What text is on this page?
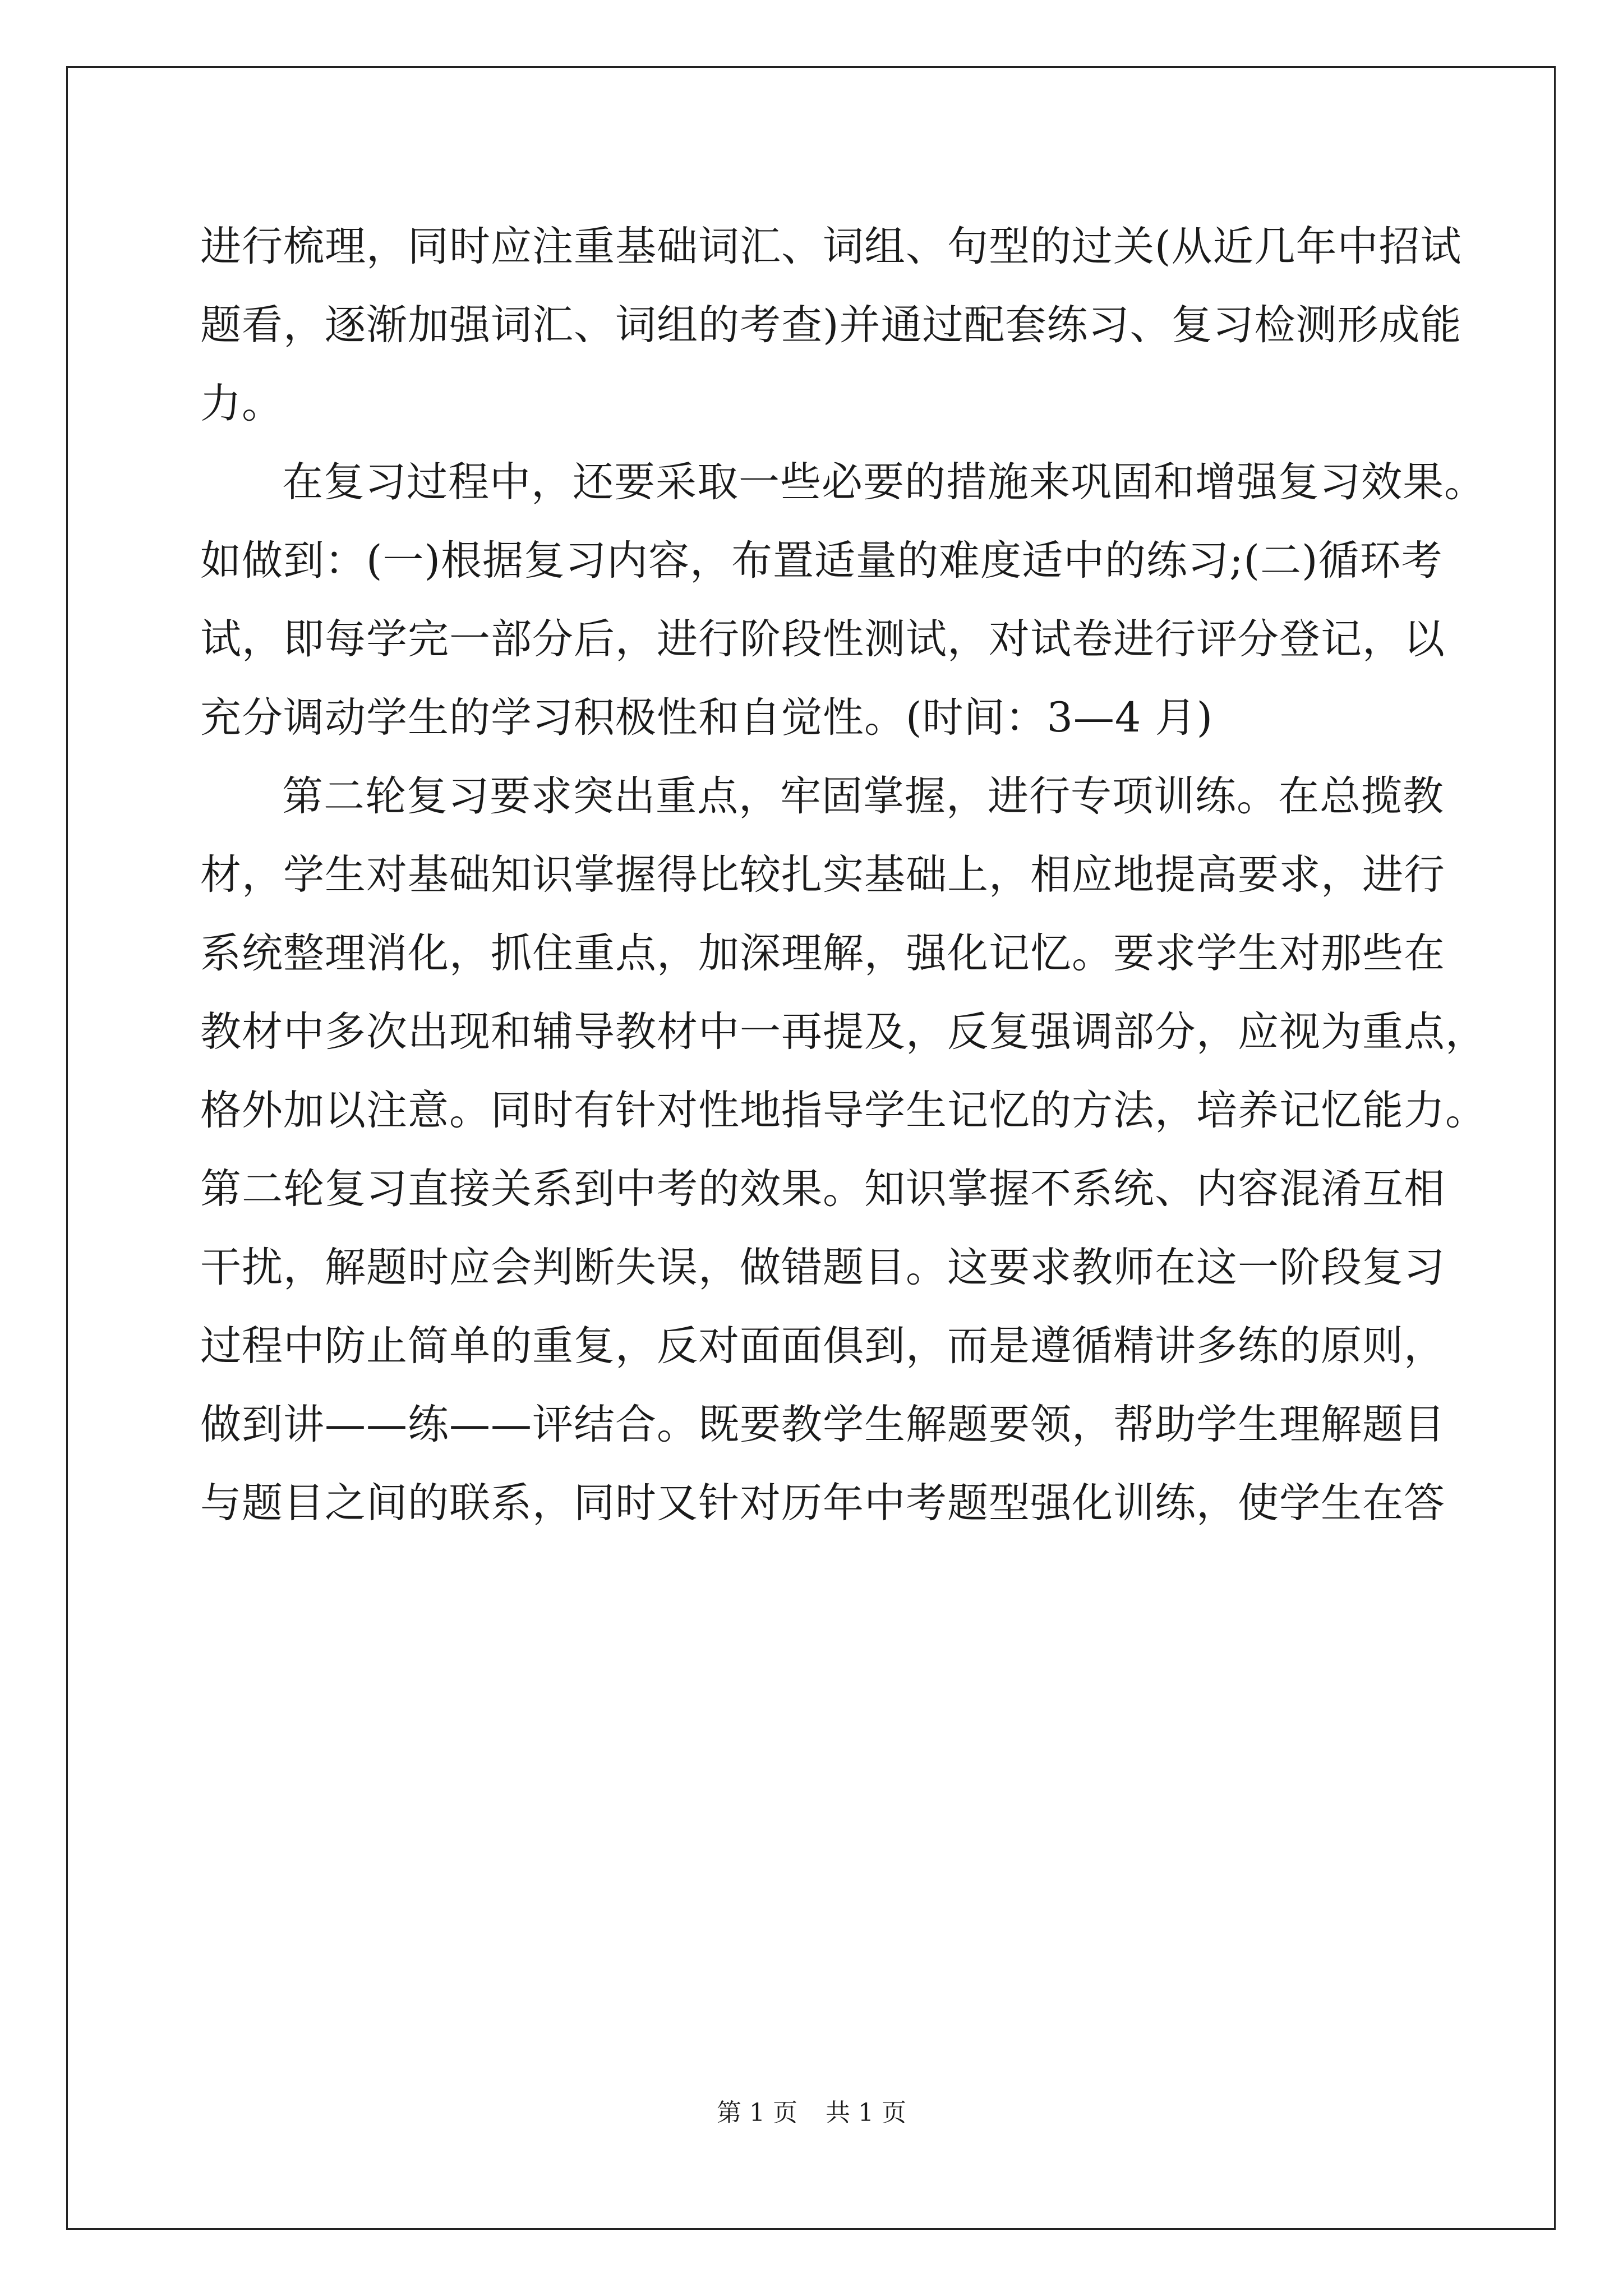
进行梳理，同时应注重基础词汇、词组、句型的过关(从近几年中招试
题看，逐渐加强词汇、词组的考查)并通过配套练习、复习检测形成能
力。
在复习过程中，还要采取一些必要的措施来巩固和增强复习效果。
如做到：(一)根据复习内容，布置适量的难度适中的练习;(二)循环考
试，即每学完一部分后，进行阶段性测试，对试卷进行评分登记，以
充分调动学生的学习积极性和自觉性。(时间：3—4 月)
第二轮复习要求突出重点，牢固掌握，进行专项训练。在总揽教
材，学生对基础知识掌握得比较扎实基础上，相应地提高要求，进行
系统整理消化，抓住重点，加深理解，强化记忆。要求学生对那些在
教材中多次出现和辅导教材中一再提及，反复强调部分，应视为重点，
格外加以注意。同时有针对性地指导学生记忆的方法，培养记忆能力。
第二轮复习直接关系到中考的效果。知识掌握不系统、内容混淆互相
干扰，解题时应会判断失误，做错题目。这要求教师在这一阶段复习
过程中防止简单的重复，反对面面俱到，而是遵循精讲多练的原则，
做到讲——练——评结合。既要教学生解题要领，帮助学生理解题目
与题目之间的联系，同时又针对历年中考题型强化训练，使学生在答
第 1 页 共 1 页
